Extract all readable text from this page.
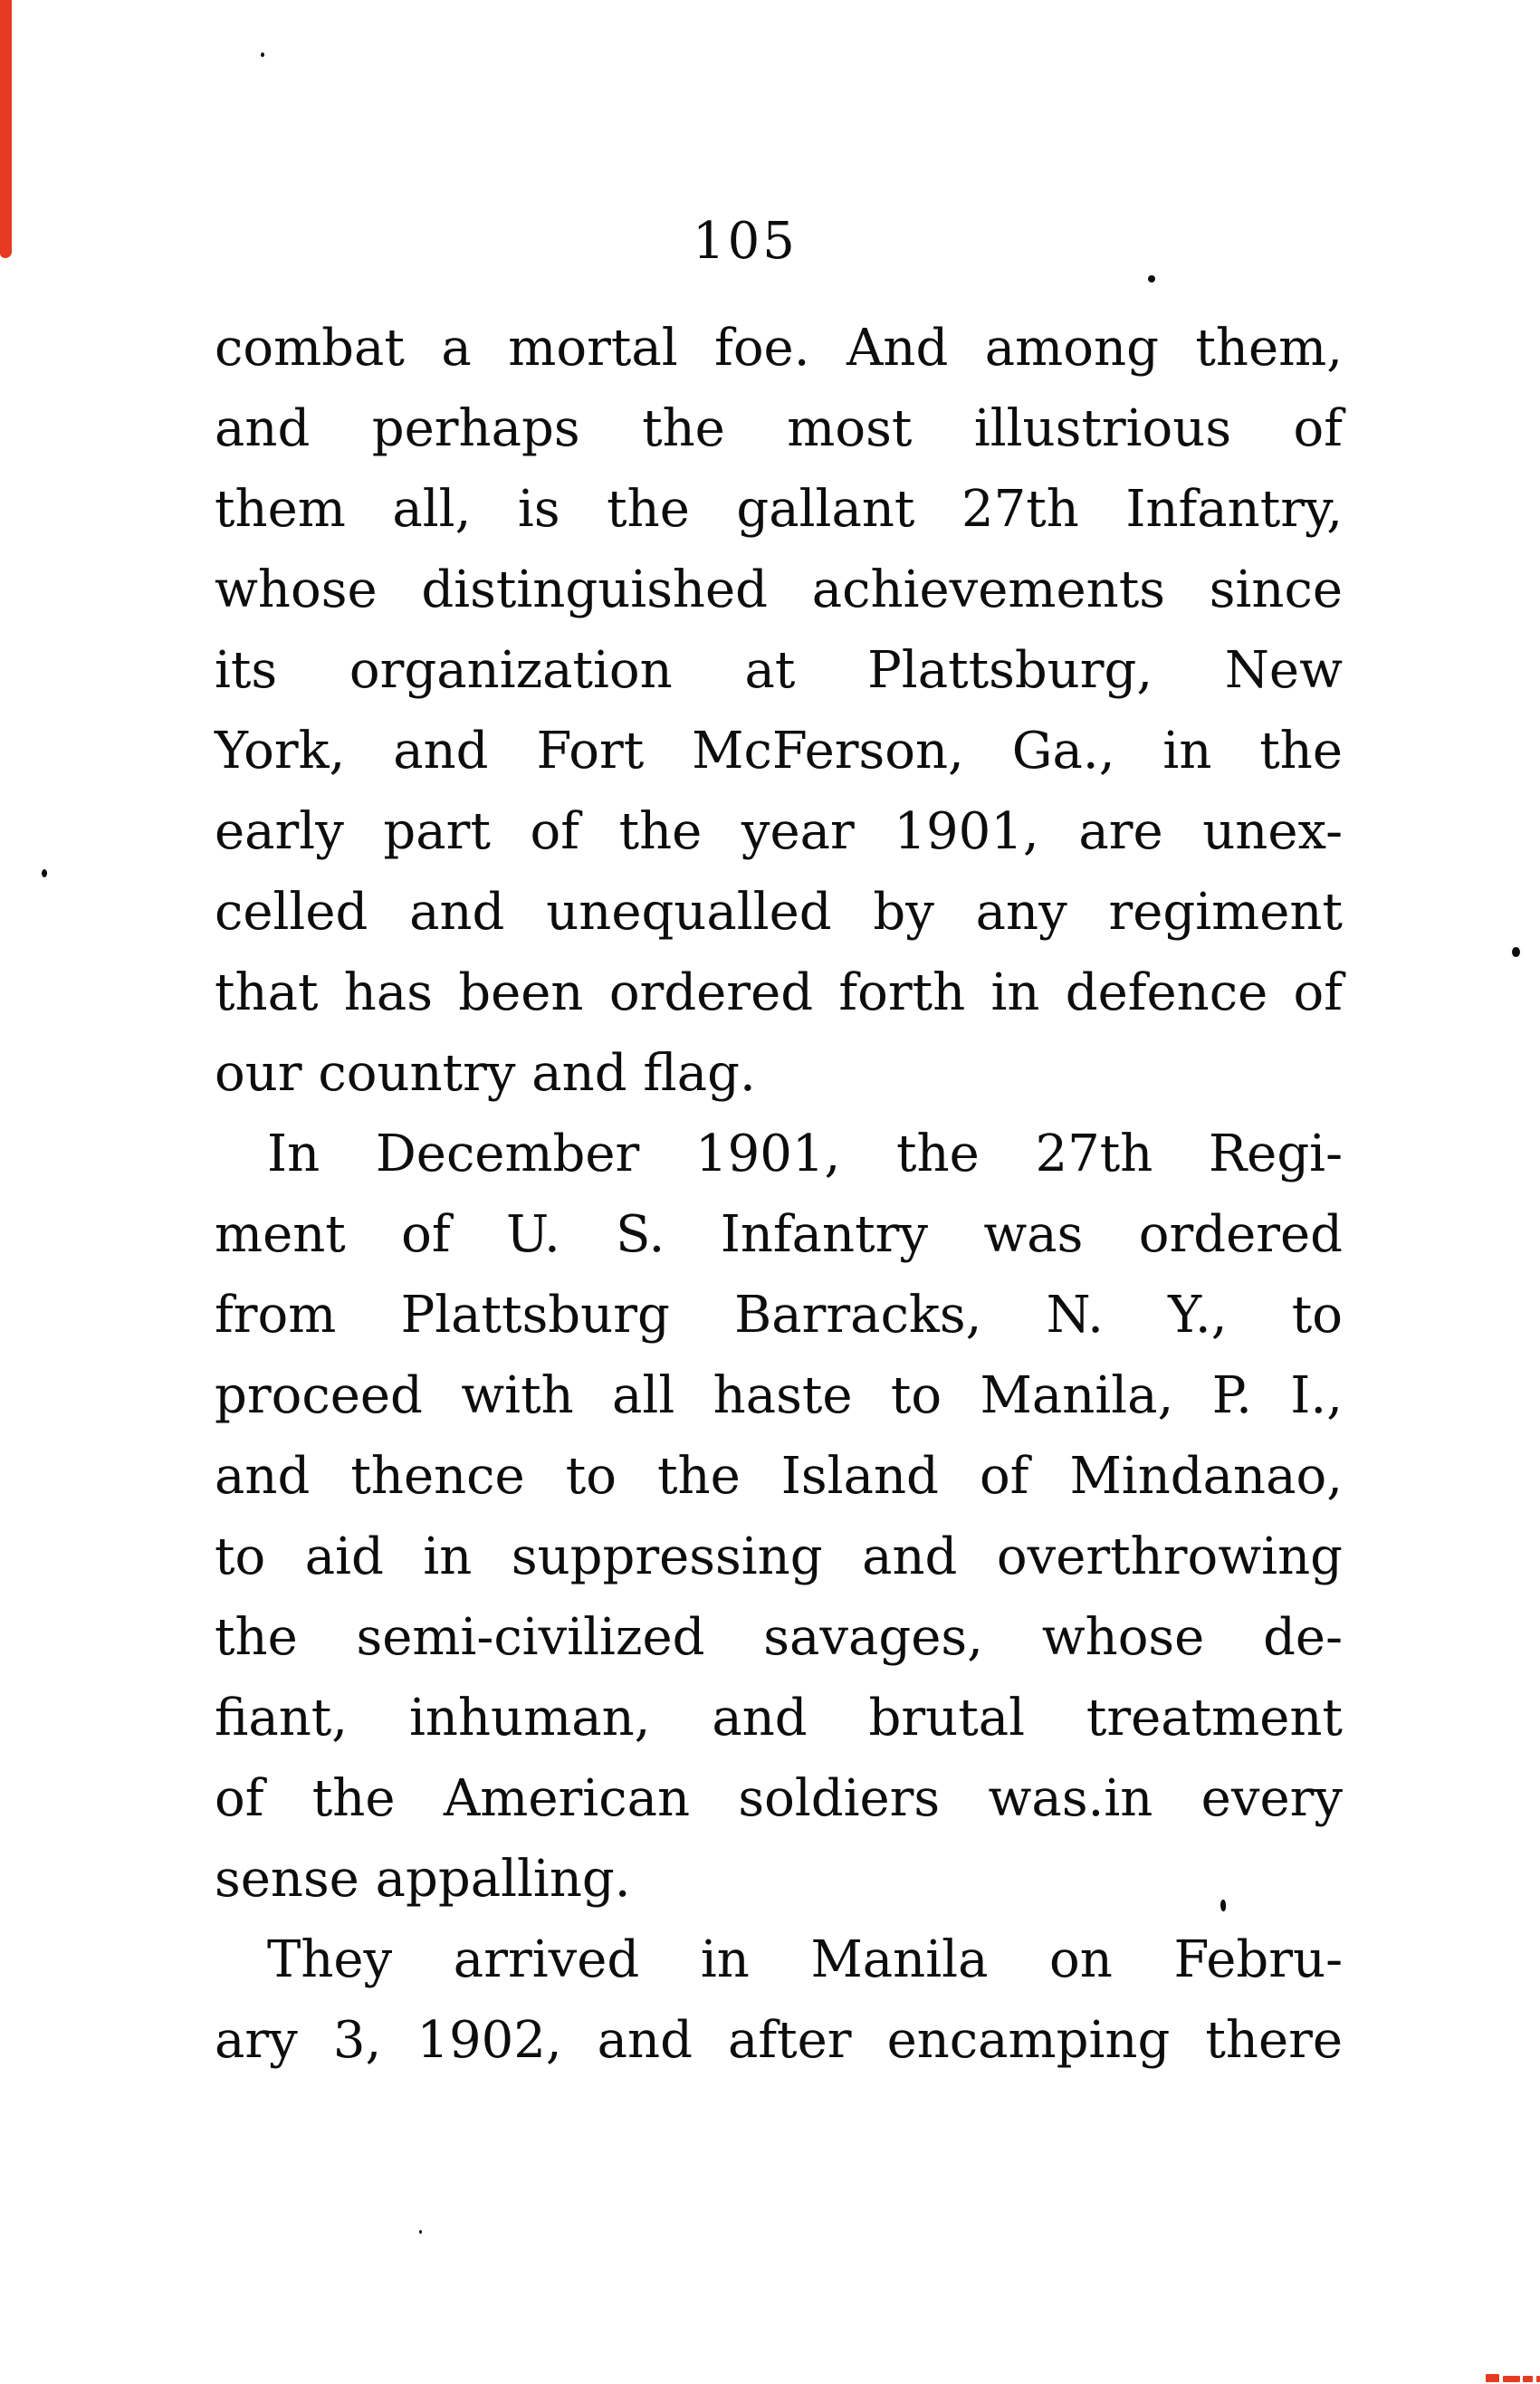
105
combat a mortal foe. And among them,
and perhaps the most illustrious of
them all, is the gallant 27th Infantry,
whose distinguished achievements since
its organization at Plattsburg, New
York, and Fort McFerson, Ga., in the
early part of the year 1901, are unex-
celled and unequalled by any regiment
that has been ordered forth in defence of
our country and flag.
In December 1901, the 27th Regi-
ment of U. S. Infantry was ordered
from Plattsburg Barracks, N. Y., to
proceed with all haste to Manila, P. I.,
and thence to the Island of Mindanao,
to aid in suppressing and overthrowing
the semi-civilized savages, whose de-
fiant, inhuman, and brutal treatment
of the American soldiers was.in every
sense appalling.
They arrived in Manila on Febru-
ary 3, 1902, and after encamping there
